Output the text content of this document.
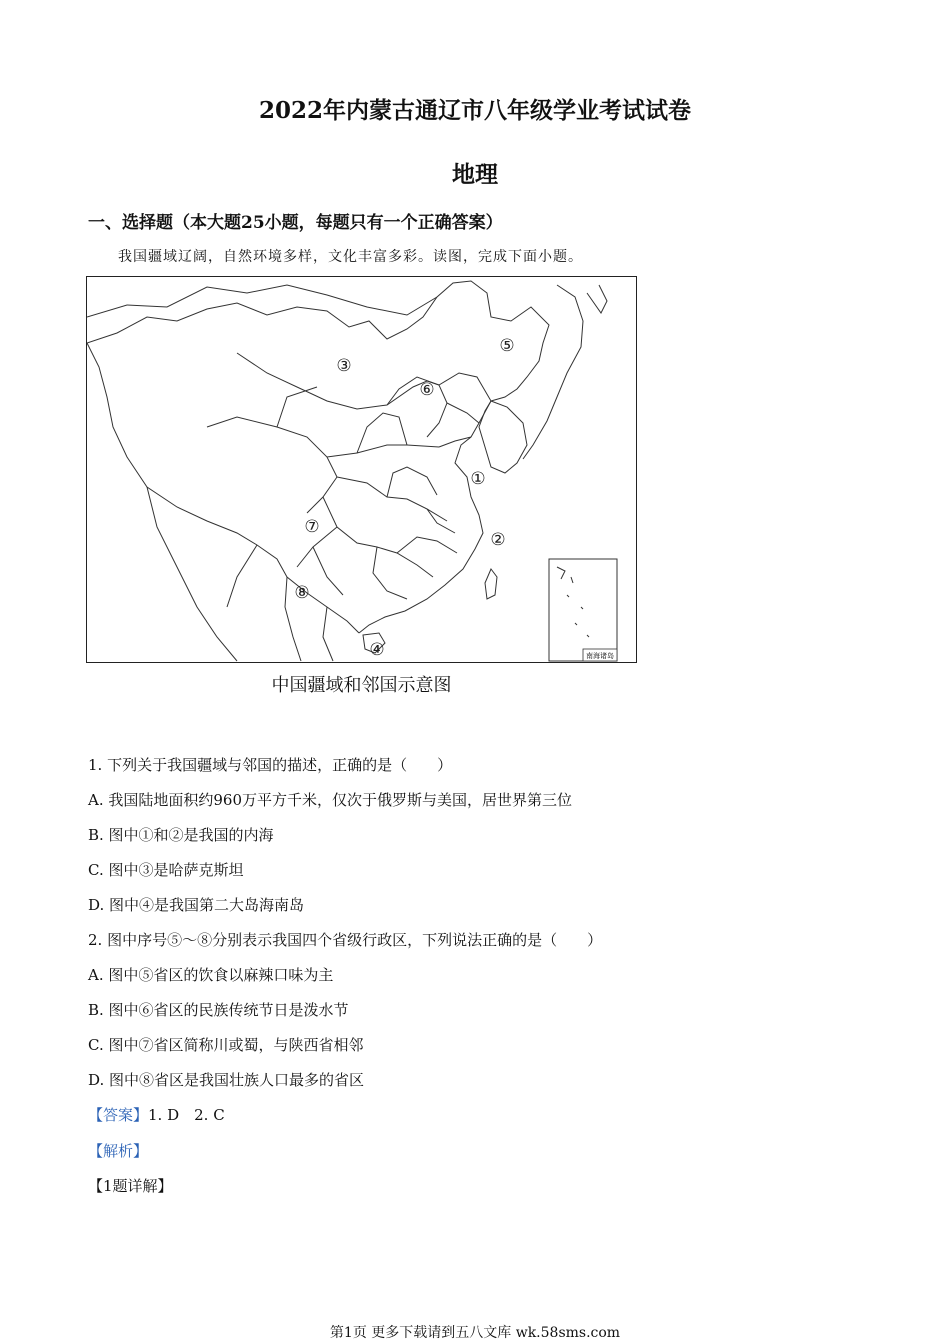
2022年内蒙古通辽市八年级学业考试试卷
地理
一、选择题（本大题25小题，每题只有一个正确答案）
我国疆域辽阔，自然环境多样，文化丰富多彩。读图，完成下面小题。
南海诸岛
③
⑤
⑥
①
②
⑦
⑧
④
中国疆域和邻国示意图
1. 下列关于我国疆域与邻国的描述，正确的是（　　）
A. 我国陆地面积约960万平方千米，仅次于俄罗斯与美国，居世界第三位
B. 图中①和②是我国的内海
C. 图中③是哈萨克斯坦
D. 图中④是我国第二大岛海南岛
2. 图中序号⑤～⑧分别表示我国四个省级行政区，下列说法正确的是（　　）
A. 图中⑤省区的饮食以麻辣口味为主
B. 图中⑥省区的民族传统节日是泼水节
C. 图中⑦省区简称川或蜀，与陕西省相邻
D. 图中⑧省区是我国壮族人口最多的省区
【答案】1. D　2. C
【解析】
【1题详解】
第1页 更多下载请到五八文库 wk.58sms.com
